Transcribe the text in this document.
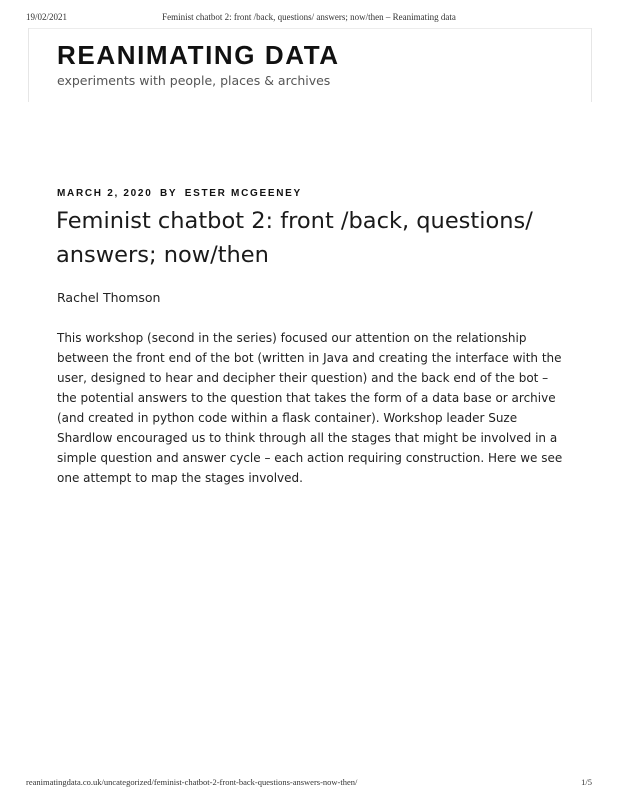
19/02/2021	Feminist chatbot 2: front /back, questions/ answers; now/then – Reanimating data
REANIMATING DATA
experiments with people, places & archives
MARCH 2, 2020 BY ESTER MCGEENEY
Feminist chatbot 2: front /back, questions/ answers; now/then

Rachel Thomson

This workshop (second in the series) focused our attention on the relationship between the front end of the bot (written in Java and creating the interface with the user, designed to hear and decipher their question) and the back end of the bot – the potential answers to the question that takes the form of a data base or archive (and created in python code within a flask container). Workshop leader Suze Shardlow encouraged us to think through all the stages that might be involved in a simple question and answer cycle – each action requiring construction. Here we see one attempt to map the stages involved.

reanimatingdata.co.uk/uncategorized/feminist-chatbot-2-front-back-questions-answers-now-then/	1/5
